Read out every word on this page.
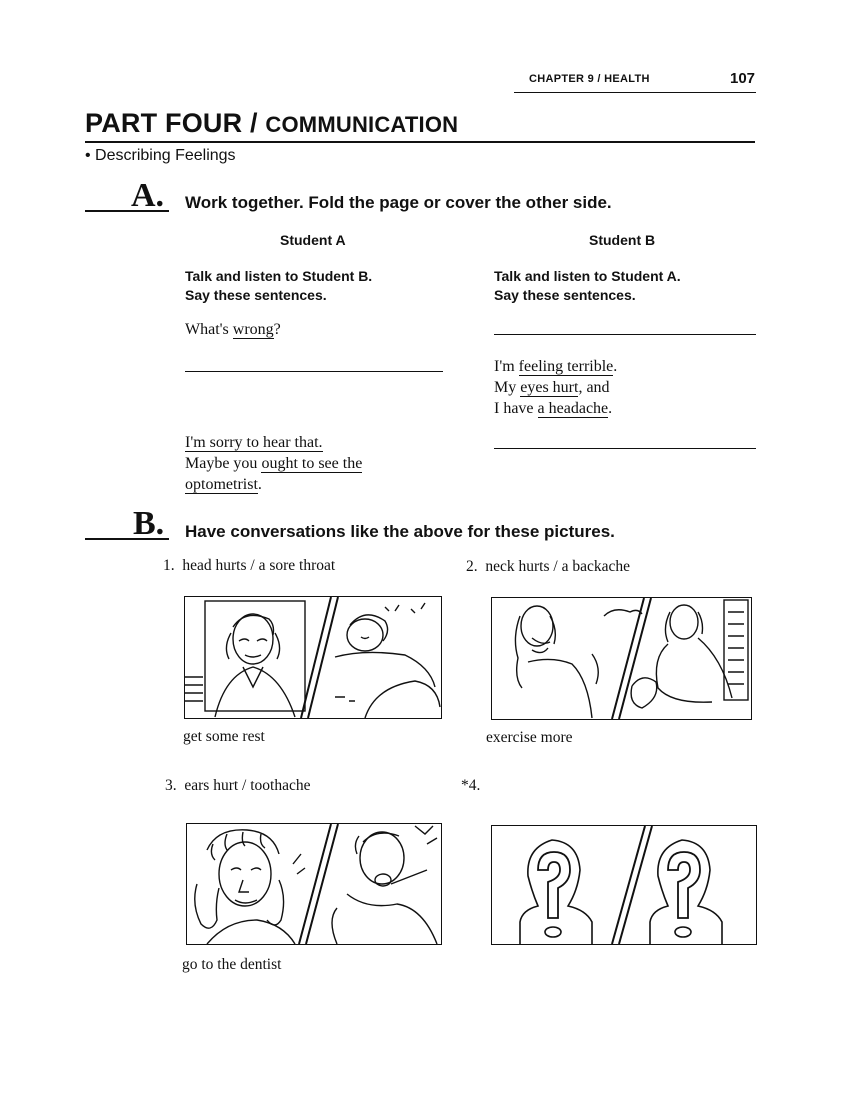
CHAPTER 9 / HEALTH	107
PART FOUR / COMMUNICATION
• Describing Feelings
A. Work together. Fold the page or cover the other side.
Student A
Talk and listen to Student B.
Say these sentences.
What's wrong?
I'm sorry to hear that.
Maybe you ought to see the
optometrist.
Student B
Talk and listen to Student A.
Say these sentences.
I'm feeling terrible.
My eyes hurt, and
I have a headache.
B. Have conversations like the above for these pictures.
1.  head hurts / a sore throat	2.  neck hurts / a backache
3.  ears hurt / toothache	*4.
get some rest	exercise more
go to the dentist
